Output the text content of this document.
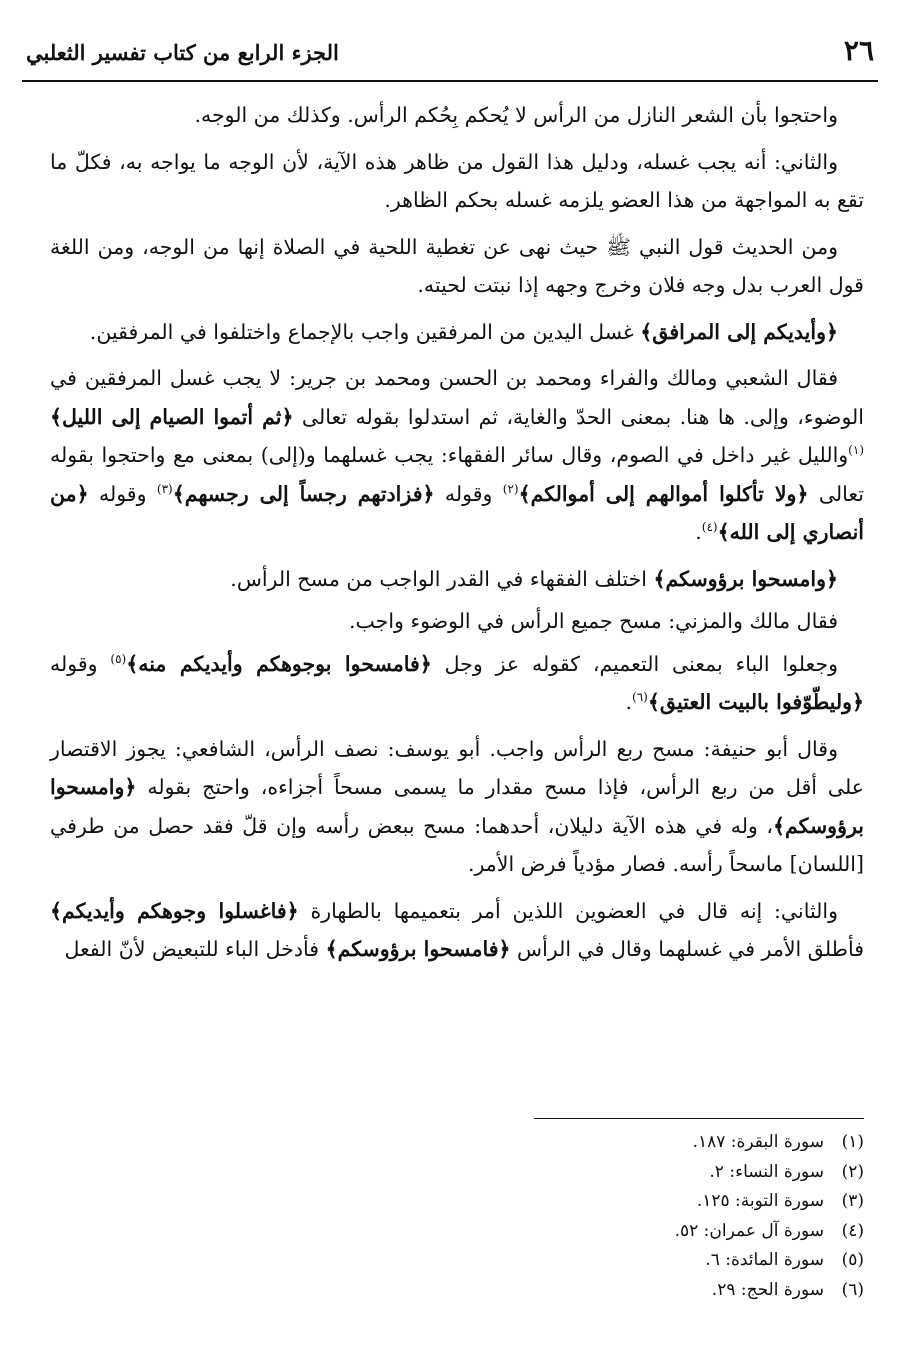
٢٦
الجزء الرابع من كتاب تفسير الثعلبي

واحتجوا بأن الشعر النازل من الرأس لا يُحكم بِحُكم الرأس. وكذلك من الوجه.

والثاني: أنه يجب غسله، ودليل هذا القول من ظاهر هذه الآية، لأن الوجه ما يواجه به، فكلّ ما تقع به المواجهة من هذا العضو يلزمه غسله بحكم الظاهر.

ومن الحديث قول النبي ﷺ حيث نهى عن تغطية اللحية في الصلاة إنها من الوجه، ومن اللغة قول العرب بدل وجه فلان وخرج وجهه إذا نبتت لحيته.

﴿وأيديكم إلى المرافق﴾ غسل اليدين من المرفقين واجب بالإجماع واختلفوا في المرفقين.

فقال الشعبي ومالك والفراء ومحمد بن الحسن ومحمد بن جرير: لا يجب غسل المرفقين في الوضوء، وإلى. ها هنا. بمعنى الحدّ والغاية، ثم استدلوا بقوله تعالى ﴿ثم أتموا الصيام إلى الليل﴾$^{(١)}$والليل غير داخل في الصوم، وقال سائر الفقهاء: يجب غسلهما و(إلى) بمعنى مع واحتجوا بقوله تعالى ﴿ولا تأكلوا أموالهم إلى أموالكم﴾$^{(٢)}$ وقوله ﴿فزادتهم رجساً إلى رجسهم﴾$^{(٣)}$ وقوله ﴿من أنصاري إلى الله﴾$^{(٤)}$.

﴿وامسحوا برؤوسكم﴾ اختلف الفقهاء في القدر الواجب من مسح الرأس.

فقال مالك والمزني: مسح جميع الرأس في الوضوء واجب.

وجعلوا الباء بمعنى التعميم، كقوله عز وجل ﴿فامسحوا بوجوهكم وأيديكم منه﴾$^{(٥)}$ وقوله ﴿وليطّوّفوا بالبيت العتيق﴾$^{(٦)}$.

وقال أبو حنيفة: مسح ربع الرأس واجب. أبو يوسف: نصف الرأس، الشافعي: يجوز الاقتصار على أقل من ربع الرأس، فإذا مسح مقدار ما يسمى مسحاً أجزاءه، واحتج بقوله ﴿وامسحوا برؤوسكم﴾، وله في هذه الآية دليلان، أحدهما: مسح ببعض رأسه وإن قلّ فقد حصل من طرفي [اللسان] ماسحاً رأسه. فصار مؤدياً فرض الأمر.

والثاني: إنه قال في العضوين اللذين أمر بتعميمها بالطهارة ﴿فاغسلوا وجوهكم وأيديكم﴾ فأطلق الأمر في غسلهما وقال في الرأس ﴿فامسحوا برؤوسكم﴾ فأدخل الباء للتبعيض لأنّ الفعل

(١)سورة البقرة: ١٨٧.
(٢)سورة النساء: ٢.
(٣)سورة التوبة: ١٢٥.
(٤)سورة آل عمران: ٥٢.
(٥)سورة المائدة: ٦.
(٦)سورة الحج: ٢٩.
